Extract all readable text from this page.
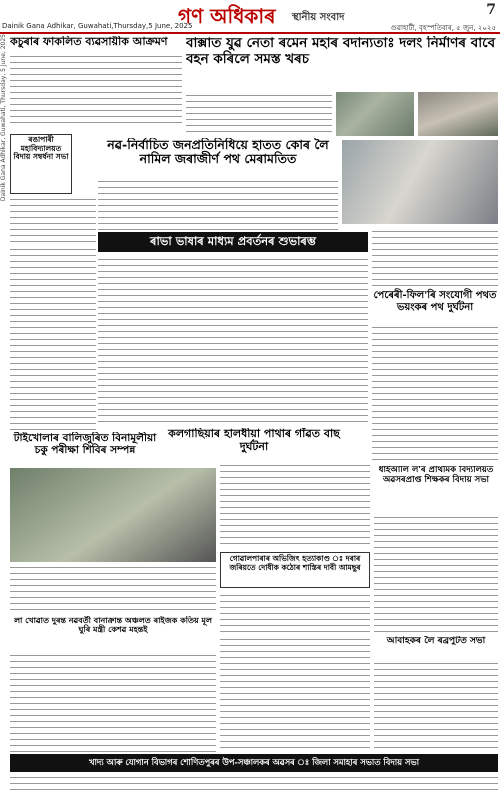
গণ অধিকাৰ স্থানীয় সংবাদ	7
Dainik Gana Adhikar, Guwahati,Thursday,5 June, 2025	গুৱাহাটী, বৃহস্পতিবাৰ, ৫ জুন, ২০২৫
Dainik Gana Adhikar, Guwahati, Thursday, 5 June, 2025 কচুৰাৰ ফাকলিত ব্যৱসায়ীক আক্ৰমণ	বাক্সাত যুৱ নেতা ৰমেন মহাৰ বদান্যতাঃ দলং নিৰ্মাণৰ বাবে বহন কৰিলে সমস্ত খৰচ
ৰঙাপাৰী মহাবিদ্যালয়ত বিদায় সম্বৰ্ধনা সভা
নৱ-নিৰ্বাচিত জনপ্ৰতিনিধিয়ে হাতত কোৰ লৈ নামিল জৰাজীৰ্ণ পথ মেৰামতিত
ৰাভা ভাষাৰ মাধ্যম প্ৰবৰ্তনৰ শুভাৰম্ভ
পেৰেৰী-ফিল'ৰি সংযোগী পথত ভয়ংকৰ পথ দুৰ্ঘটনা
টাইখোলাৰ বালিজুৰিত বিনামূলীয়া চকু পৰীক্ষা শিবিৰ সম্পন্ন
কলগাছিয়াৰ হালধীয়া পাথাৰ গাঁৱত বাছ দুৰ্ঘটনা
ধাইআলি ল'ৰ প্ৰাথমিক বিদ্যালয়ত অৱসৰপ্ৰাপ্ত শিক্ষকৰ বিদায় সভা
গোৱালপাৰাৰ অভিজিৎ হত্যাকাণ্ড ঃ দৰাৰ জৰিয়তে দোষীক কঠোৰ শাস্তিৰ দাবী আমছুৰ
লা খোৱাত দুৰন্ত নৱবৰ্তী বানাক্ৰান্ত অঞ্চলত ৰাইজক কতিয় মূল ঘুৰি মন্ত্ৰী কেশৱ মহন্তই
আবাহকৰ লৈ ৰব্ৰপুটত সভা
খাদ্য আৰু যোগান বিভাগৰ শোণিতপুৰৰ উপ-সঞ্চালকৰ অৱসৰ ঃ জিলা সমাহাৰ সভাত বিদায় সভা
